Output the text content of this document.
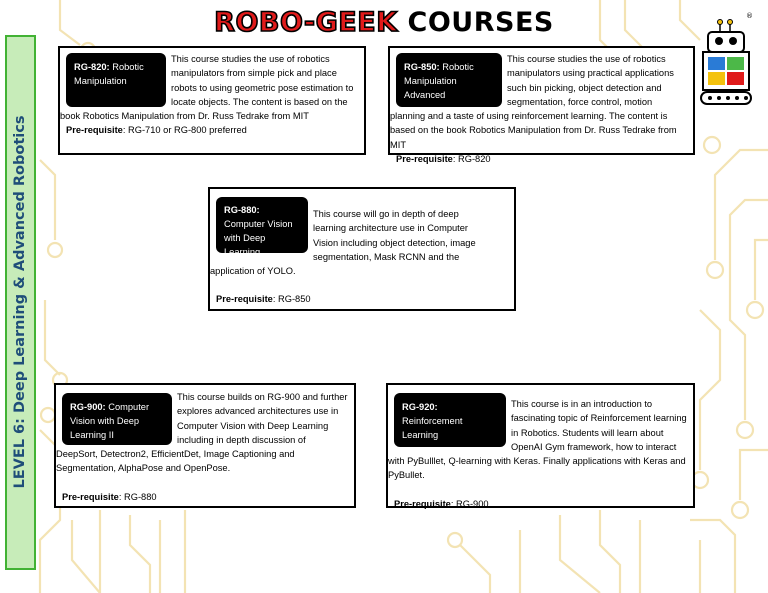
ROBO-GEEK COURSES
LEVEL 6: Deep Learning & Advanced Robotics
®
RG-820: Robotic Manipulation
This course studies the use of robotics manipulators from simple pick and place robots to using geometric pose estimation to locate objects. The content is based on the book Robotics Manipulation from Dr. Russ Tedrake from MIT
Pre-requisite: RG-710 or RG-800 preferred
RG-850: Robotic Manipulation Advanced
This course studies the use of robotics manipulators using practical applications such bin picking, object detection and segmentation, force control, motion planning and a taste of using reinforcement learning. The content is based on the book Robotics Manipulation from Dr. Russ Tedrake from MIT
Pre-requisite: RG-820
RG-880: Computer Vision with Deep Learning
This course will go in depth of deep learning architecture use in Computer Vision including object detection, image segmentation, Mask RCNN and the application of YOLO.
Pre-requisite: RG-850
RG-900: Computer Vision with Deep Learning II
This course builds on RG-900 and further explores advanced architectures use in Computer Vision with Deep Learning including in depth discussion of DeepSort, Detectron2, EfficientDet, Image Captioning and Segmentation, AlphaPose and OpenPose.
Pre-requisite: RG-880
RG-920: Reinforcement Learning
This course is in an introduction to fascinating topic of Reinforcement learning in Robotics. Students will learn about OpenAI Gym framework, how to interact with PyBulllet, Q-learning with Keras. Finally applications with Keras and PyBullet.
Pre-requisite: RG-900
